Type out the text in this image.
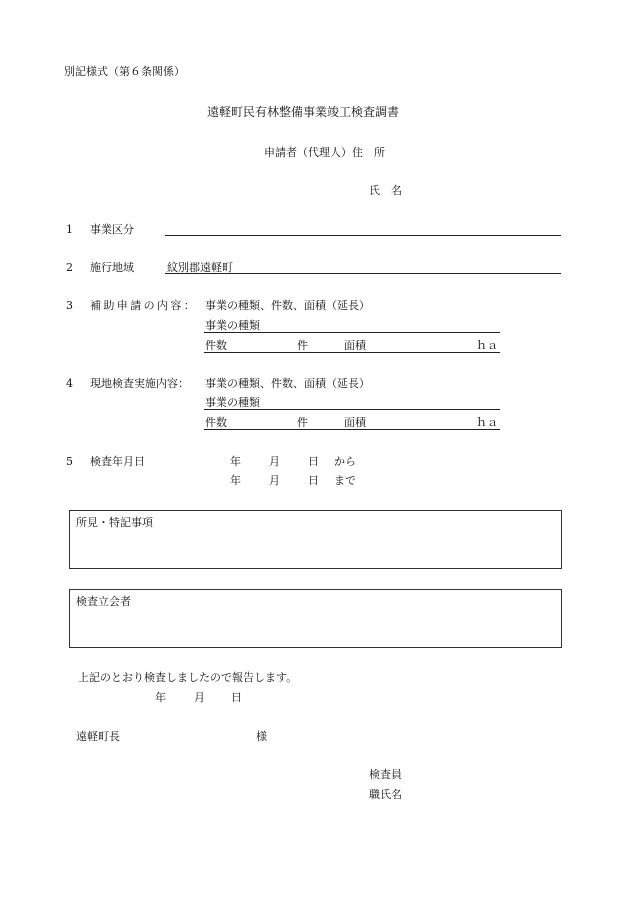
別記様式（第６条関係）
遠軽町民有林整備事業竣工検査調書
申請者（代理人）住　所
氏　名
1 事業区分
2 施行地域	紋別郡遠軽町
3 補助申請の内容： 事業の種類、件数、面積（延長）
事業の種類
件数	件	面積	ｈａ
4 現地検査実施内容： 事業の種類、件数、面積（延長）
事業の種類
件数	件	面積	ｈａ
5 検査年月日	年	月	日 から
年	月	日 まで
所見・特記事項
検査立会者
上記のとおり検査しましたので報告します。
年	月 日
遠軽町長	様
検査員
職氏名
